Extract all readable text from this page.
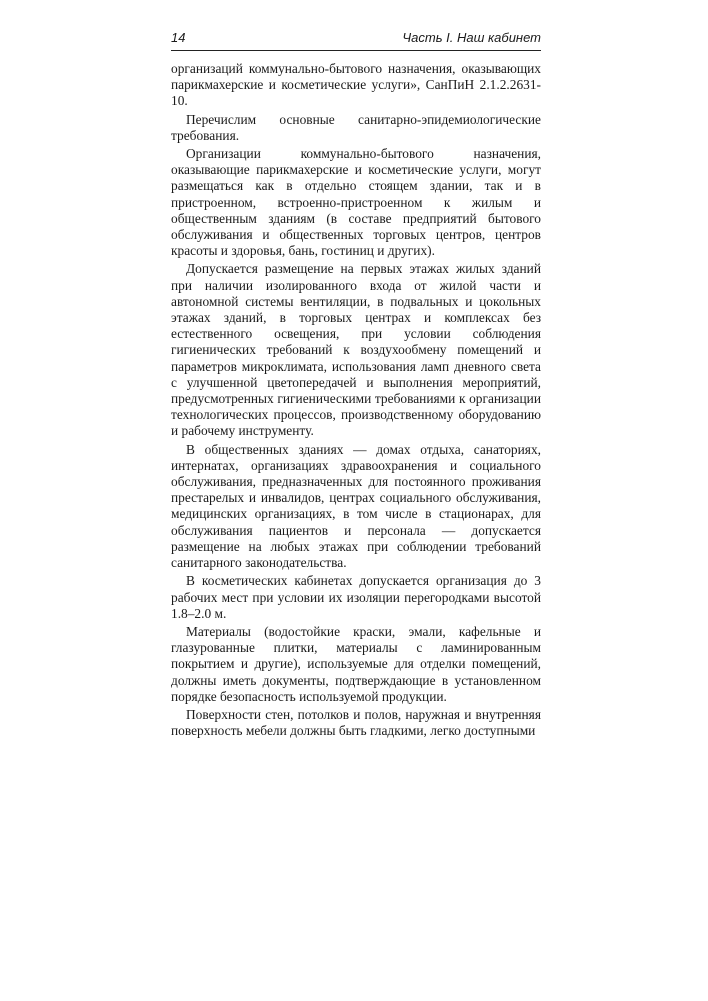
14	Часть I. Наш кабинет

организаций коммунально-бытового назначения, оказывающих парикмахерские и косметические услуги», СанПиН 2.1.2.2631-10.

Перечислим основные санитарно-эпидемиологические требования.

Организации коммунально-бытового назначения, оказывающие парикмахерские и косметические услуги, могут размещаться как в отдельно стоящем здании, так и в пристроенном, встроенно-пристроенном к жилым и общественным зданиям (в составе предприятий бытового обслуживания и общественных торговых центров, центров красоты и здоровья, бань, гостиниц и других).

Допускается размещение на первых этажах жилых зданий при наличии изолированного входа от жилой части и автономной системы вентиляции, в подвальных и цокольных этажах зданий, в торговых центрах и комплексах без естественного освещения, при условии соблюдения гигиенических требований к воздухообмену помещений и параметров микроклимата, использования ламп дневного света с улучшенной цветопередачей и выполнения мероприятий, предусмотренных гигиеническими требованиями к организации технологических процессов, производственному оборудованию и рабочему инструменту.

В общественных зданиях — домах отдыха, санаториях, интернатах, организациях здравоохранения и социального обслуживания, предназначенных для постоянного проживания престарелых и инвалидов, центрах социального обслуживания, медицинских организациях, в том числе в стационарах, для обслуживания пациентов и персонала — допускается размещение на любых этажах при соблюдении требований санитарного законодательства.

В косметических кабинетах допускается организация до 3 рабочих мест при условии их изоляции перегородками высотой 1.8–2.0 м.

Материалы (водостойкие краски, эмали, кафельные и глазурованные плитки, материалы с ламинированным покрытием и другие), используемые для отделки помещений, должны иметь документы, подтверждающие в установленном порядке безопасность используемой продукции.

Поверхности стен, потолков и полов, наружная и внутренняя поверхность мебели должны быть гладкими, легко доступными
